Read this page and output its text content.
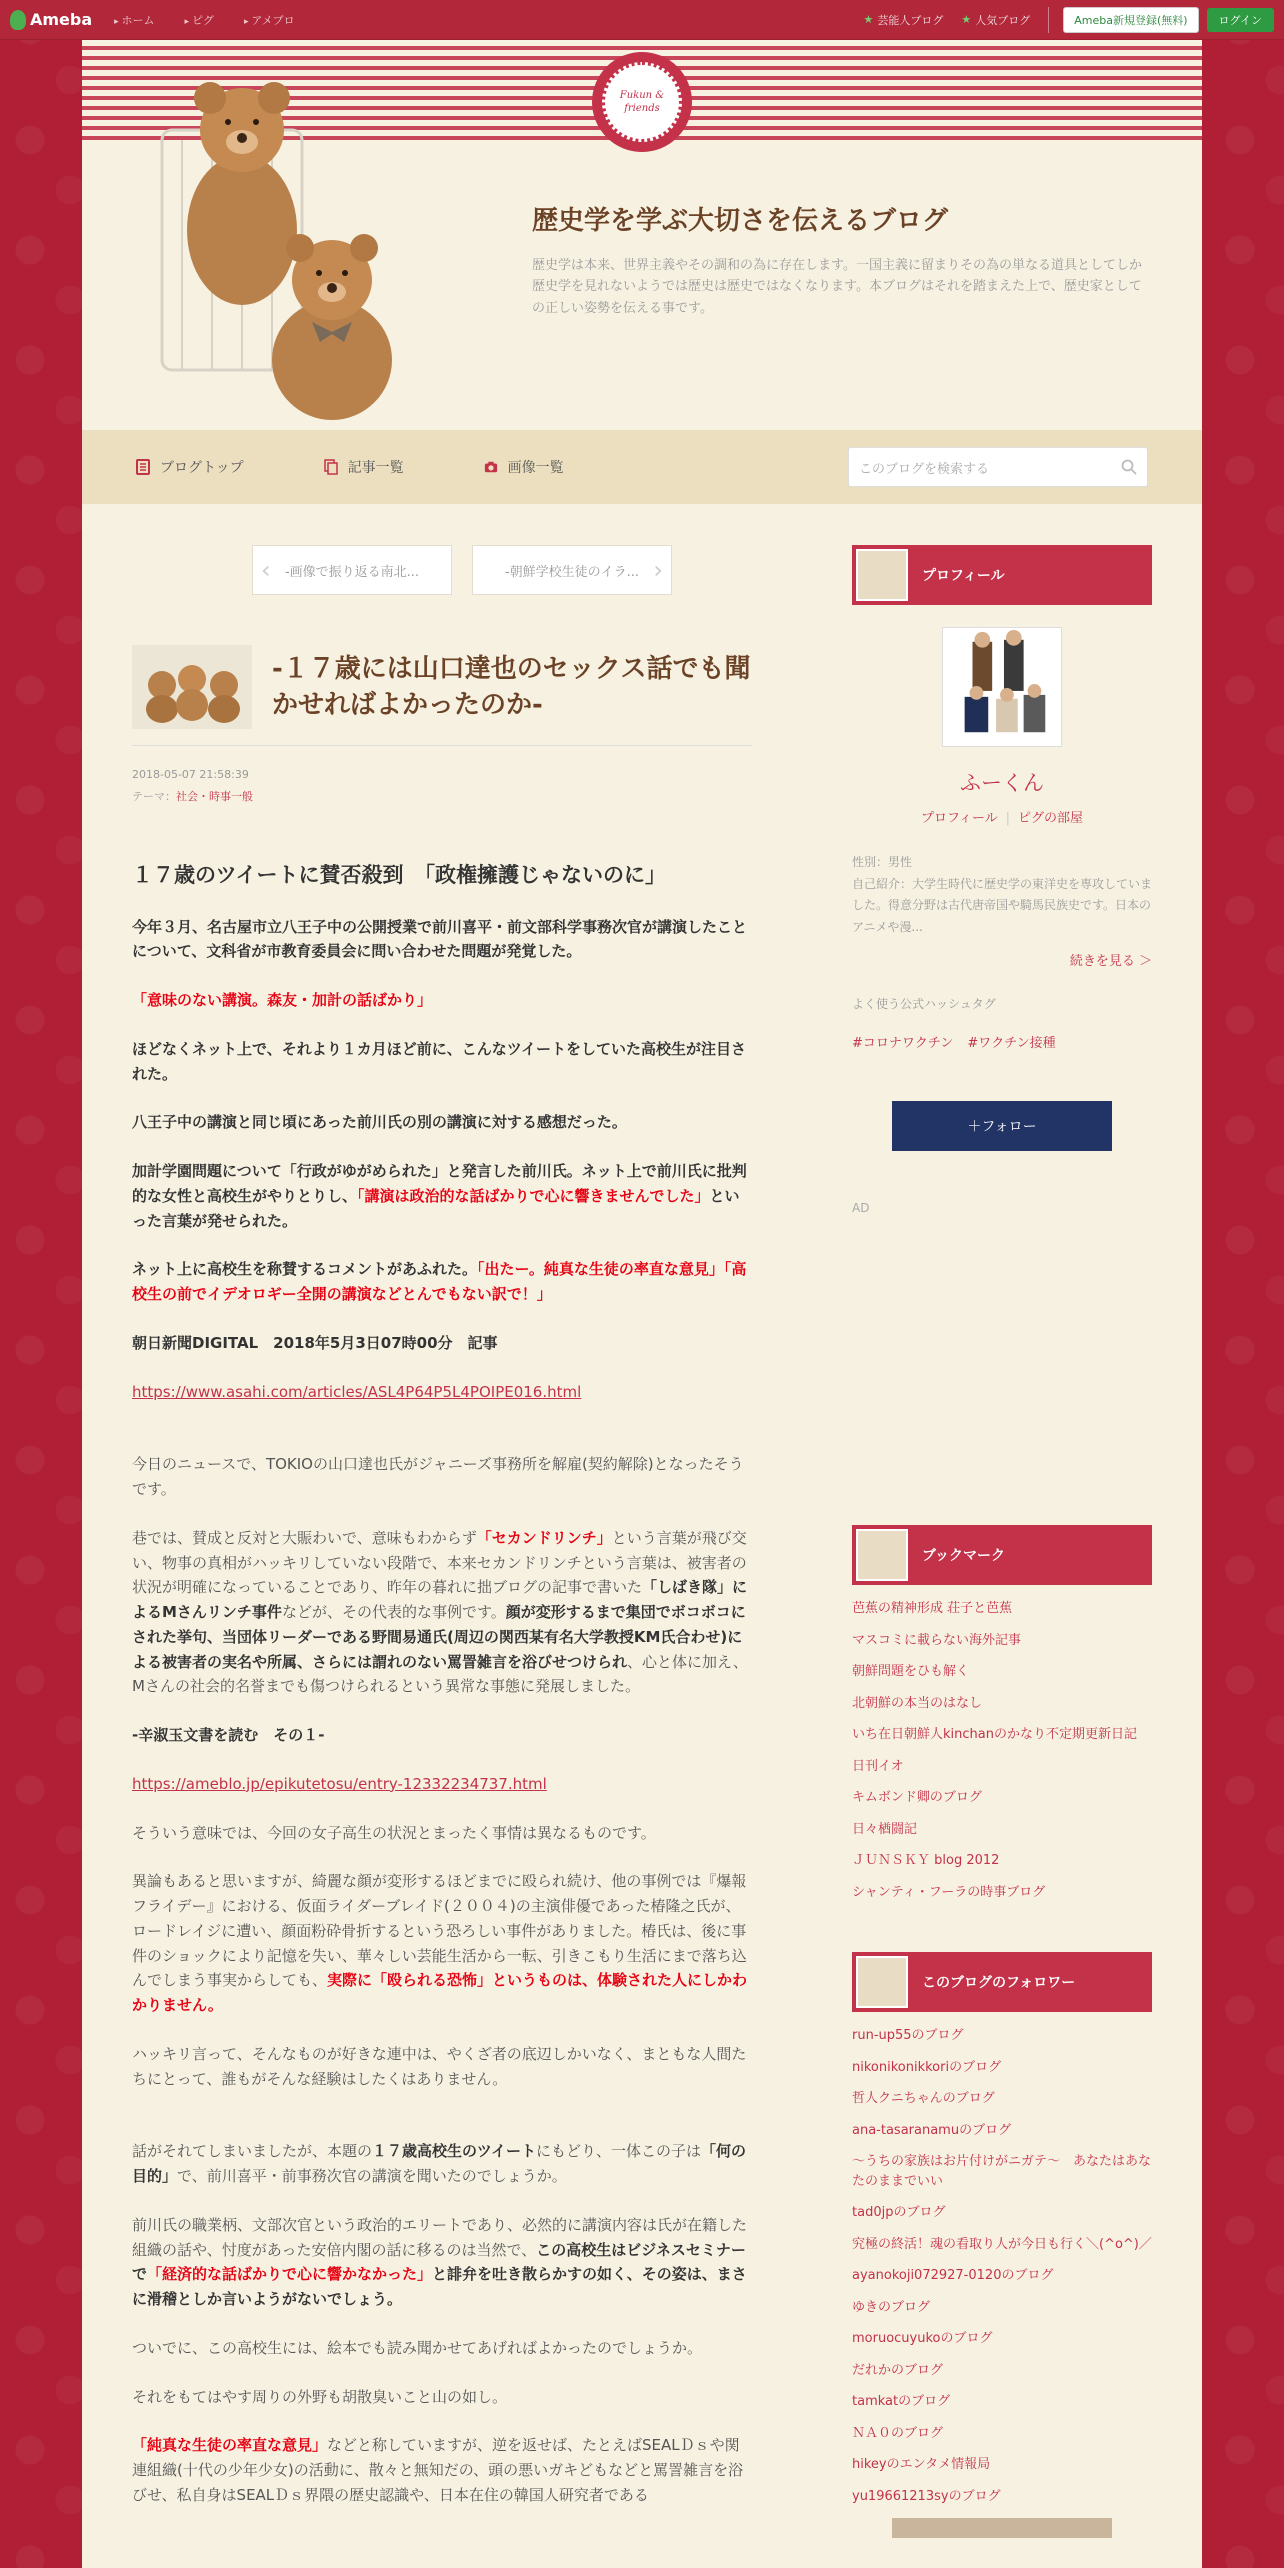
Ameba	▸ ホーム	▸ ピグ	▸ アメブロ	★ 芸能人ブログ ★ 人気ブログ	Ameba新規登録(無料)	ログイン
Fukun & friends
歴史学を学ぶ大切さを伝えるブログ
歴史学は本来、世界主義やその調和の為に存在します。一国主義に留まりその為の単なる道具としてしか歴史学を見れないようでは歴史は歴史ではなくなります。本ブログはそれを踏まえた上で、歴史家としての正しい姿勢を伝える事です。
ブログトップ	記事一覧	画像一覧	このブログを検索する
‹ -画像で振り返る南北...	-朝鮮学校生徒のイラ... ›
-１７歳には山口達也のセックス話でも聞かせればよかったのか-
2018-05-07 21:58:39
テーマ：社会・時事一般
１７歳のツイートに賛否殺到　「政権擁護じゃないのに」

今年３月、名古屋市立八王子中の公開授業で前川喜平・前文部科学事務次官が講演したことについて、文科省が市教育委員会に問い合わせた問題が発覚した。

「意味のない講演。森友・加計の話ばかり」

ほどなくネット上で、それより１カ月ほど前に、こんなツイートをしていた高校生が注目された。

八王子中の講演と同じ頃にあった前川氏の別の講演に対する感想だった。

加計学園問題について「行政がゆがめられた」と発言した前川氏。ネット上で前川氏に批判的な女性と高校生がやりとりし、「講演は政治的な話ばかりで心に響きませんでした」といった言葉が発せられた。

ネット上に高校生を称賛するコメントがあふれた。「出たー。純真な生徒の率直な意見」「高校生の前でイデオロギー全開の講演などとんでもない訳で！」

朝日新聞DIGITAL　2018年5月3日07時00分　記事

https://www.asahi.com/articles/ASL4P64P5L4POIPE016.html

今日のニュースで、TOKIOの山口達也氏がジャニーズ事務所を解雇(契約解除)となったそうです。

巷では、賛成と反対と大賑わいで、意味もわからず「セカンドリンチ」という言葉が飛び交い、物事の真相がハッキリしていない段階で、本来セカンドリンチという言葉は、被害者の状況が明確になっていることであり、昨年の暮れに拙ブログの記事で書いた「しばき隊」によるMさんリンチ事件などが、その代表的な事例です。顔が変形するまで集団でボコボコにされた挙句、当団体リーダーである野間易通氏(周辺の関西某有名大学教授KM氏合わせ)による被害者の実名や所属、さらには謂れのない罵詈雑言を浴びせつけられ、心と体に加え、Mさんの社会的名誉までも傷つけられるという異常な事態に発展しました。

-辛淑玉文書を読む　その１-

https://ameblo.jp/epikutetosu/entry-12332234737.html

そういう意味では、今回の女子高生の状況とまったく事情は異なるものです。

異論もあると思いますが、綺麗な顔が変形するほどまでに殴られ続け、他の事例では『爆報フライデー』における、仮面ライダーブレイド(２００４)の主演俳優であった椿隆之氏が、ロードレイジに遭い、顔面粉砕骨折するという恐ろしい事件がありました。椿氏は、後に事件のショックにより記憶を失い、華々しい芸能生活から一転、引きこもり生活にまで落ち込んでしまう事実からしても、実際に「殴られる恐怖」というものは、体験された人にしかわかりません。

ハッキリ言って、そんなものが好きな連中は、やくざ者の底辺しかいなく、まともな人間たちにとって、誰もがそんな経験はしたくはありません。

話がそれてしまいましたが、本題の１７歳高校生のツイートにもどり、一体この子は「何の目的」で、前川喜平・前事務次官の講演を聞いたのでしょうか。

前川氏の職業柄、文部次官という政治的エリートであり、必然的に講演内容は氏が在籍した組織の話や、忖度があった安倍内閣の話に移るのは当然で、この高校生はビジネスセミナーで「経済的な話ばかりで心に響かなかった」と誹弁を吐き散らかすの如く、その姿は、まさに滑稽としか言いようがないでしょう。

ついでに、この高校生には、絵本でも読み聞かせてあげればよかったのでしょうか。

それをもてはやす周りの外野も胡散臭いこと山の如し。

「純真な生徒の率直な意見」などと称していますが、逆を返せば、たとえばSEALＤｓや関連組織(十代の少年少女)の活動に、散々と無知だの、頭の悪いガキどもなどと罵詈雑言を浴びせ、私自身はSEALＤｓ界隈の歴史認識や、日本在住の韓国人研究者である

プロフィール
ふーくん
プロフィール | ピグの部屋
性別：男性
自己紹介：大学生時代に歴史学の東洋史を専攻していました。得意分野は古代唐帝国や騎馬民族史です。日本のアニメや漫...
続きを見る ＞
よく使う公式ハッシュタグ
#コロナワクチン #ワクチン接種
＋ フォロー
AD
ブックマーク
芭蕉の精神形成 荘子と芭蕉
マスコミに載らない海外記事
朝鮮問題をひも解く
北朝鮮の本当のはなし
いち在日朝鮮人kinchanのかなり不定期更新日記
日刊イオ
キムボンド卿のブログ
日々楢闘記
ＪＵＮＳＫＹ blog 2012
シャンティ・フーラの時事ブログ
このブログのフォロワー
run-up55のブログ
nikonikonikkoriのブログ
哲人クニちゃんのブログ
ana-tasaranamuのブログ
～うちの家族はお片付けがニガテ～　あなたはあなたのままでいい
tad0jpのブログ
究極の終活！魂の看取り人が今日も行く＼(^o^)／
ayanokoji072927-0120のブログ
ゆきのブログ
moruocuyukoのブログ
だれかのブログ
tamkatのブログ
ＮＡ０のブログ
hikeyのエンタメ情報局
yu19661213syのブログ
